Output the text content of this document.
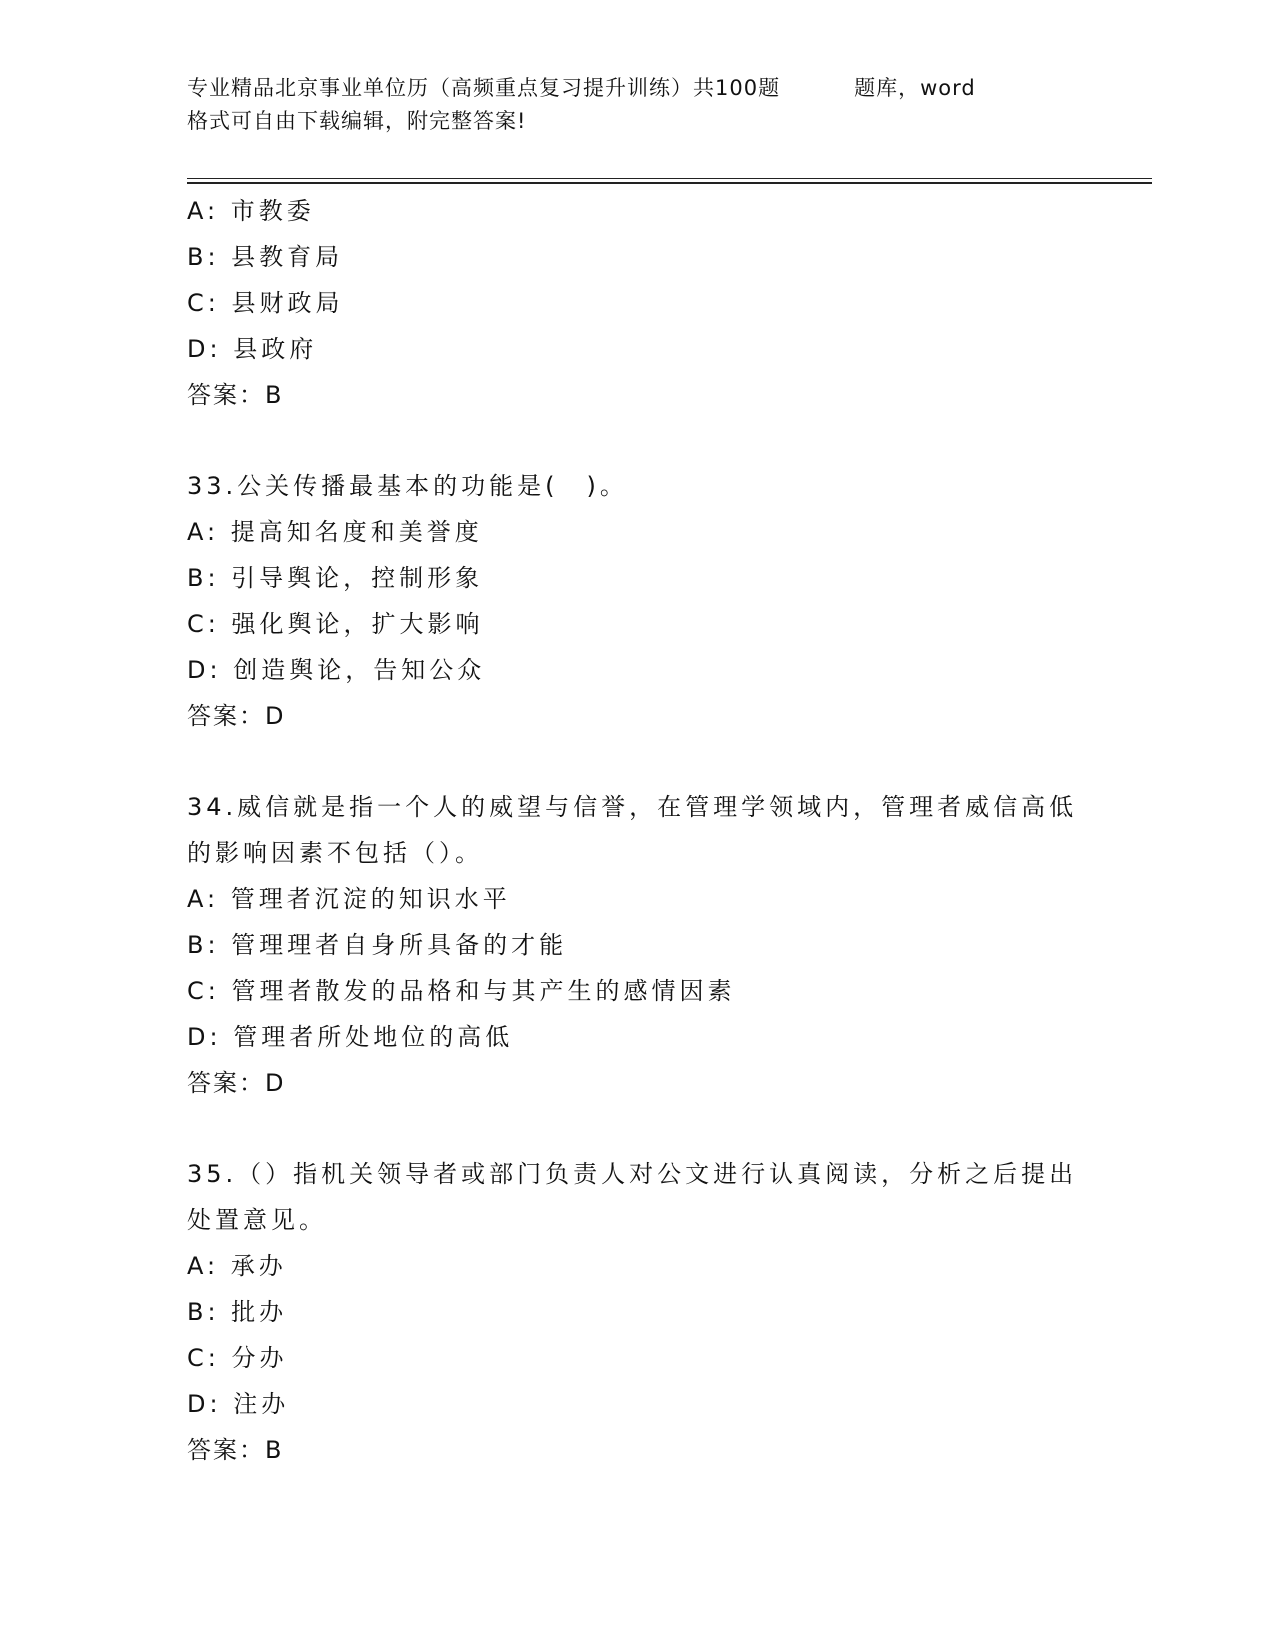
专业精品北京事业单位历（高频重点复习提升训练）共100题	题库，word
格式可自由下载编辑，附完整答案!
A: 市教委
B: 县教育局
C: 县财政局
D: 县政府
答案：B
33.公关传播最基本的功能是(　)。
A: 提高知名度和美誉度
B: 引导舆论，控制形象
C: 强化舆论，扩大影响
D: 创造舆论，告知公众
答案：D
34.威信就是指一个人的威望与信誉，在管理学领域内，管理者威信高低的影响因素不包括（）。
A: 管理者沉淀的知识水平
B: 管理理者自身所具备的才能
C: 管理者散发的品格和与其产生的感情因素
D: 管理者所处地位的高低
答案：D
35.（）指机关领导者或部门负责人对公文进行认真阅读，分析之后提出处置意见。
A: 承办
B: 批办
C: 分办
D: 注办
答案：B
